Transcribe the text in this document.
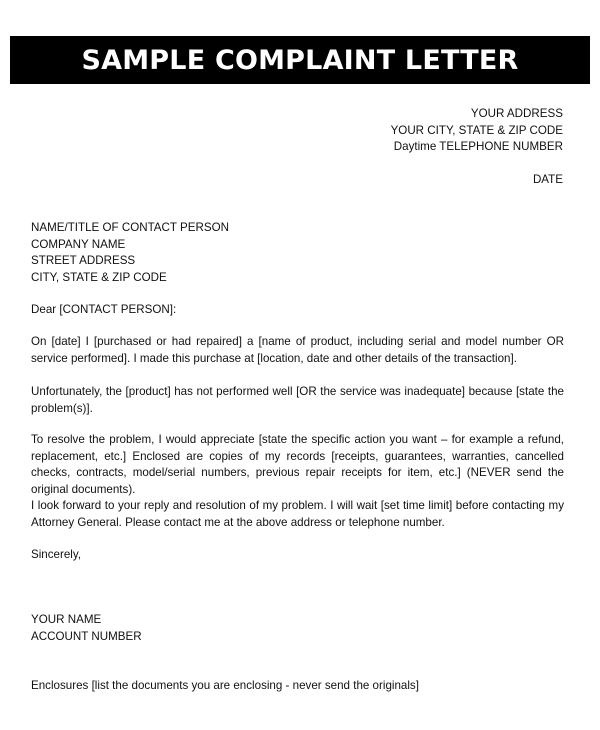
SAMPLE COMPLAINT LETTER
YOUR ADDRESS
YOUR CITY, STATE & ZIP CODE
Daytime TELEPHONE NUMBER
DATE
NAME/TITLE OF CONTACT PERSON
COMPANY NAME
STREET ADDRESS
CITY, STATE & ZIP CODE
Dear [CONTACT PERSON]:
On [date] I [purchased or had repaired] a [name of product, including serial and model number OR service performed]. I made this purchase at [location, date and other details of the transaction].
Unfortunately, the [product] has not performed well [OR the service was inadequate] because [state the problem(s)].
To resolve the problem, I would appreciate [state the specific action you want – for example a refund, replacement, etc.] Enclosed are copies of my records [receipts, guarantees, warranties, cancelled checks, contracts, model/serial numbers, previous repair receipts for item, etc.] (NEVER send the original documents).
I look forward to your reply and resolution of my problem. I will wait [set time limit] before contacting my Attorney General. Please contact me at the above address or telephone number.
Sincerely,
YOUR NAME
ACCOUNT NUMBER
Enclosures [list the documents you are enclosing - never send the originals]
